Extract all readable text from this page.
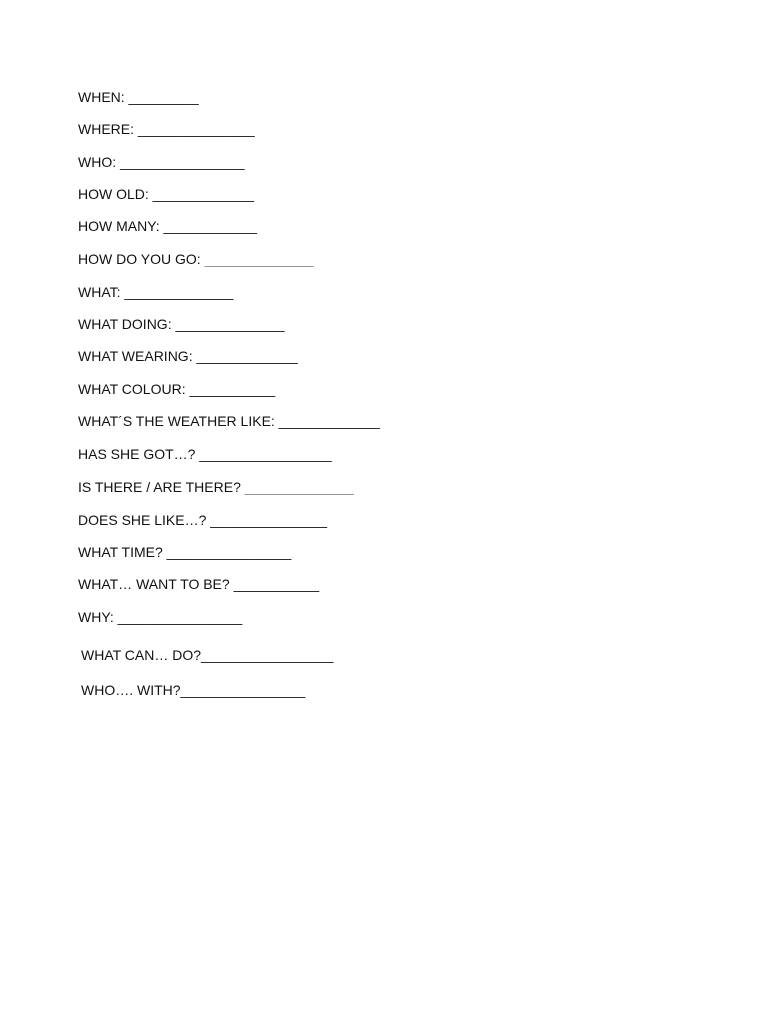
WHEN: _________
WHERE: _______________
WHO: ________________
HOW OLD: _____________
HOW MANY: ____________
HOW DO YOU GO: ______________
WHAT: ______________
WHAT DOING: ______________
WHAT WEARING: _____________
WHAT COLOUR: ___________
WHAT´S THE WEATHER LIKE: _____________
HAS SHE GOT…? _________________
IS THERE / ARE THERE? ______________
DOES SHE LIKE…? _______________
WHAT TIME? ________________
WHAT… WANT TO BE? ___________
WHY: ________________
WHAT CAN… DO?_________________
WHO…. WITH?________________
